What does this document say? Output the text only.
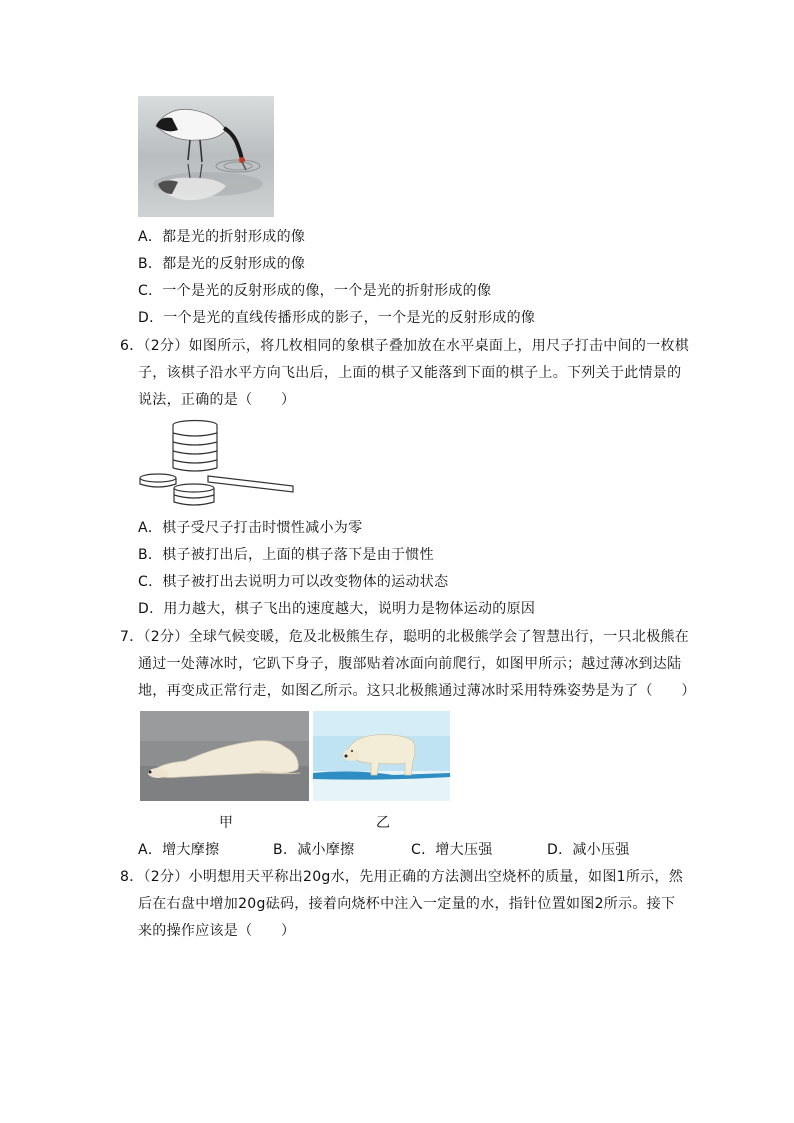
A．都是光的折射形成的像
B．都是光的反射形成的像
C．一个是光的反射形成的像，一个是光的折射形成的像
D．一个是光的直线传播形成的影子，一个是光的反射形成的像
6．（2分）如图所示，将几枚相同的象棋子叠加放在水平桌面上，用尺子打击中间的一枚棋
子，该棋子沿水平方向飞出后，上面的棋子又能落到下面的棋子上。下列关于此情景的
说法，正确的是（　　）
A．棋子受尺子打击时惯性减小为零
B．棋子被打出后，上面的棋子落下是由于惯性
C．棋子被打出去说明力可以改变物体的运动状态
D．用力越大，棋子飞出的速度越大，说明力是物体运动的原因
7．（2分）全球气候变暖，危及北极熊生存，聪明的北极熊学会了智慧出行，一只北极熊在
通过一处薄冰时，它趴下身子，腹部贴着冰面向前爬行，如图甲所示；越过薄冰到达陆
地，再变成正常行走，如图乙所示。这只北极熊通过薄冰时采用特殊姿势是为了（　　）
甲	乙
A．增大摩擦	B．减小摩擦	C．增大压强	D．减小压强
8．（2分）小明想用天平称出20g水，先用正确的方法测出空烧杯的质量，如图1所示，然
后在右盘中增加20g砝码，接着向烧杯中注入一定量的水，指针位置如图2所示。接下
来的操作应该是（　　）
